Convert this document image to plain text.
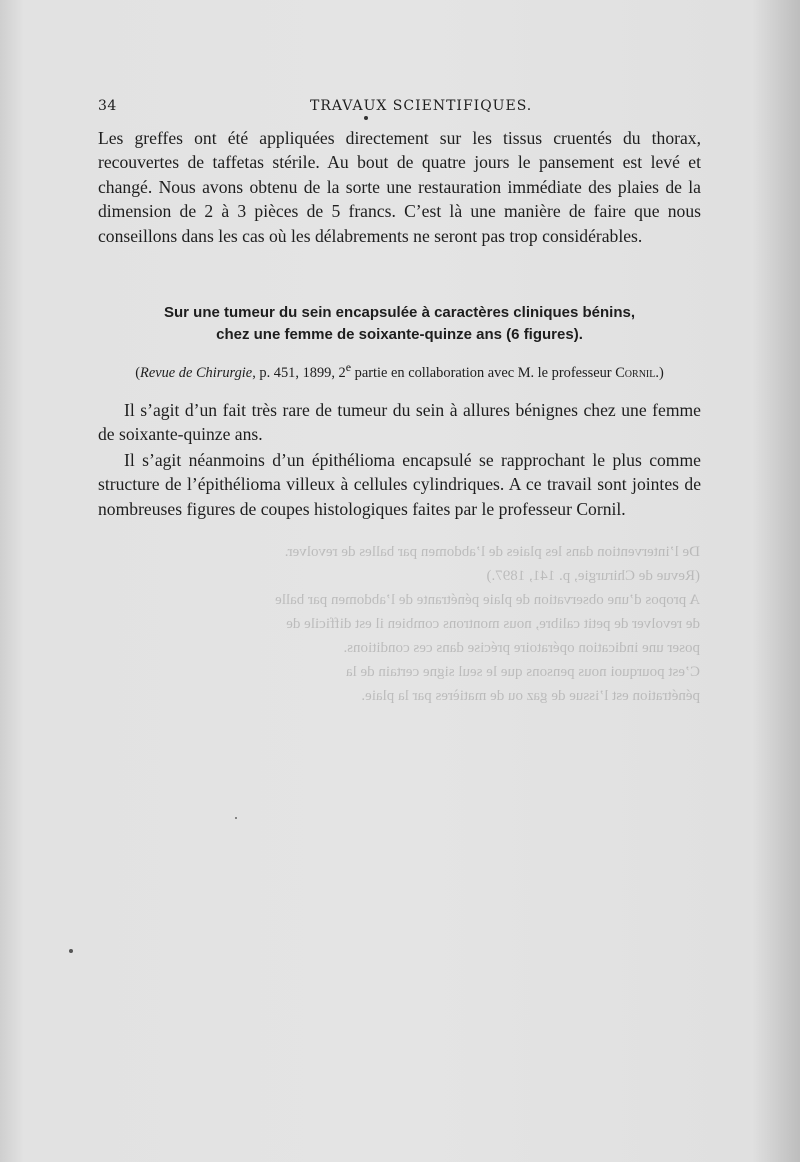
34	TRAVAUX SCIENTIFIQUES.

Les greffes ont été appliquées directement sur les tissus cruentés du thorax, recouvertes de taffetas stérile. Au bout de quatre jours le pansement est levé et changé. Nous avons obtenu de la sorte une restauration immédiate des plaies de la dimension de 2 à 3 pièces de 5 francs. C’est là une manière de faire que nous conseillons dans les cas où les délabrements ne seront pas trop considérables.

Sur une tumeur du sein encapsulée à caractères cliniques bénins,
chez une femme de soixante-quinze ans (6 figures).

(Revue de Chirurgie, p. 451, 1899, 2e partie en collaboration avec M. le professeur Cornil.)

Il s’agit d’un fait très rare de tumeur du sein à allures bénignes chez une femme de soixante-quinze ans.

Il s’agit néanmoins d’un épithélioma encapsulé se rapprochant le plus comme structure de l’épithélioma villeux à cellules cylindriques. A ce travail sont jointes de nombreuses figures de coupes histologiques faites par le professeur Cornil.

De l’intervention dans les plaies de l’abdomen par balles de revolver.
(Revue de Chirurgie, p. 141, 1897.)
A propos d’une observation de plaie pénétrante de l’abdomen par balle
de revolver de petit calibre, nous montrons combien il est difficile de
poser une indication opératoire précise dans ces conditions.
C’est pourquoi nous pensons que le seul signe certain de la
pénétration est l’issue de gaz ou de matières par la plaie.
